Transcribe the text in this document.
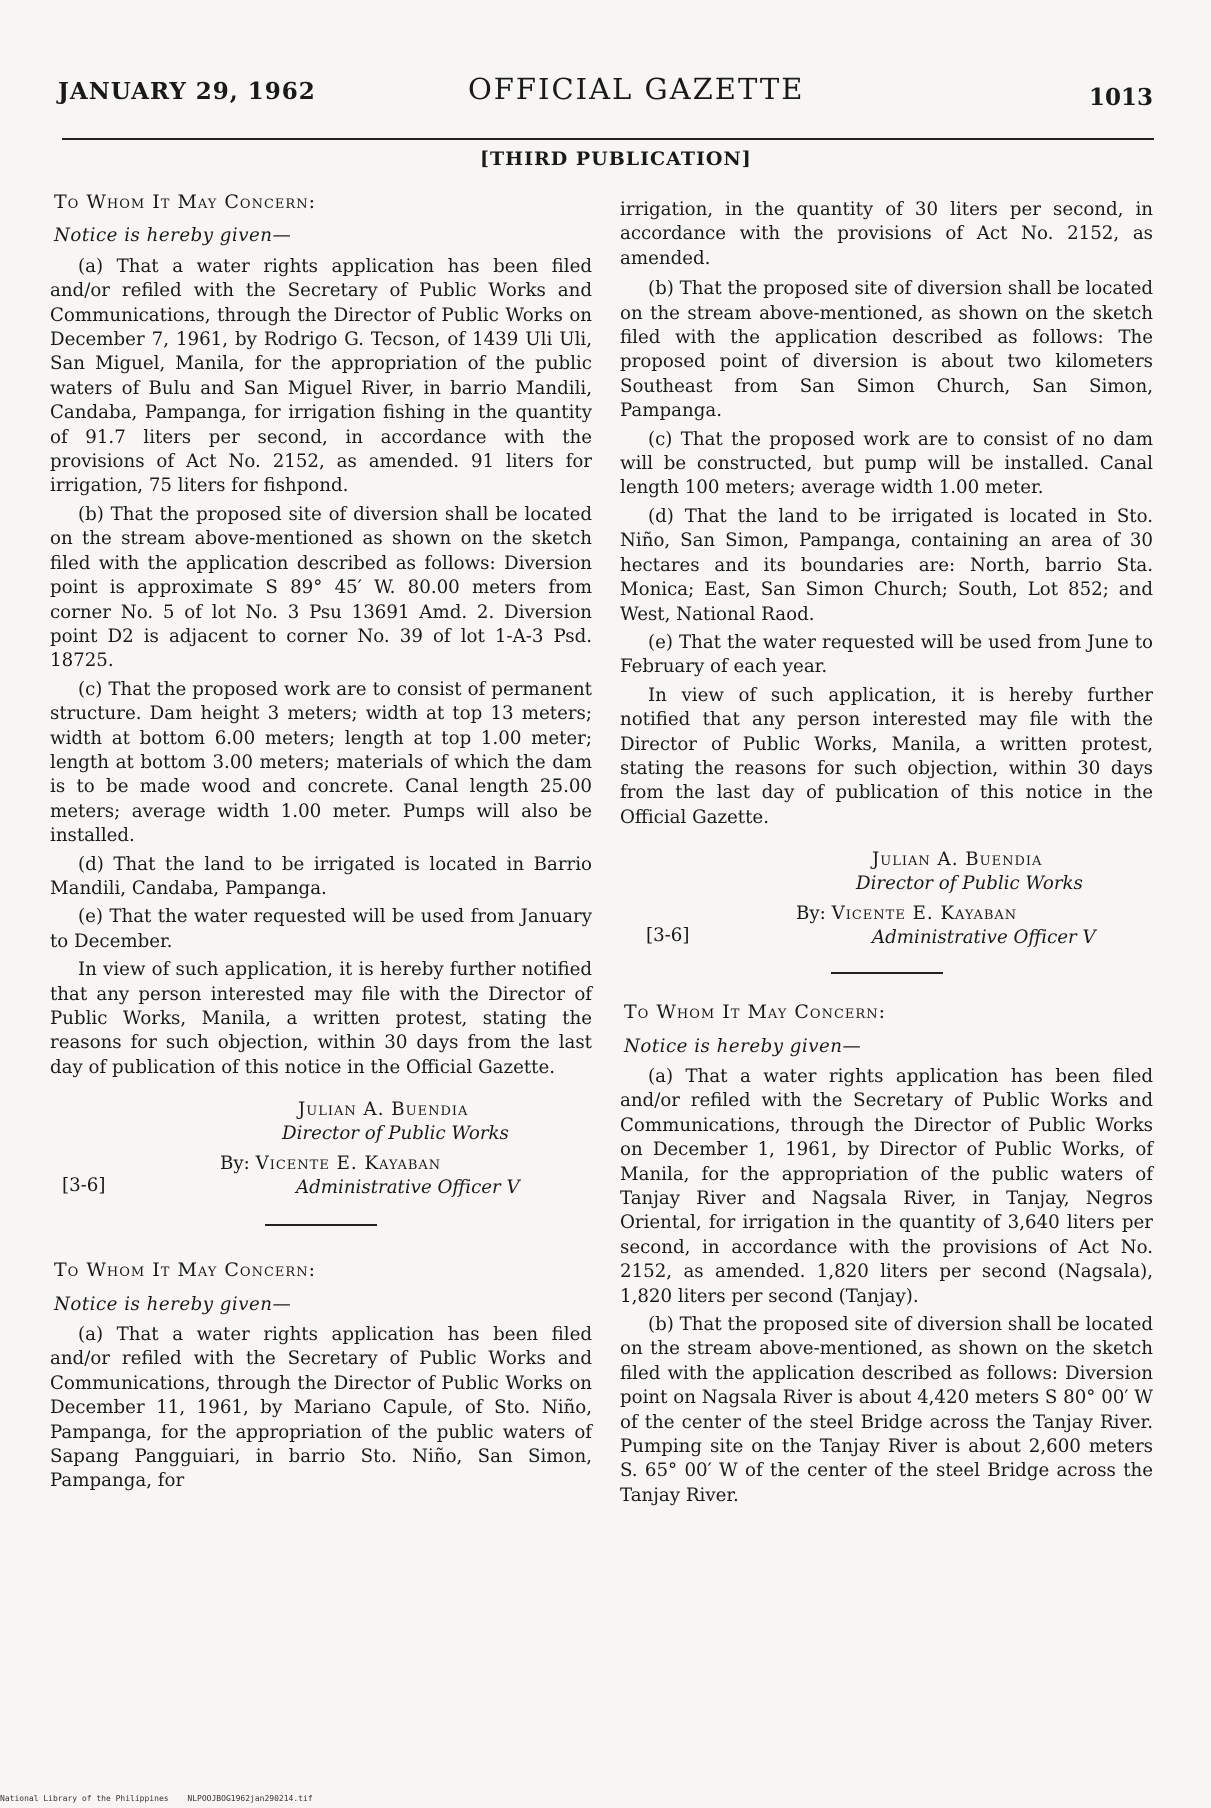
JANUARY 29, 1962	OFFICIAL GAZETTE	1013
[THIRD PUBLICATION]

To Whom It May Concern:

Notice is hereby given—

(a) That a water rights application has been filed and/or refiled with the Secretary of Public Works and Communications, through the Director of Public Works on December 7, 1961, by Rodrigo G. Tecson, of 1439 Uli Uli, San Miguel, Manila, for the appropriation of the public waters of Bulu and San Miguel River, in barrio Mandili, Candaba, Pampanga, for irrigation fishing in the quantity of 91.7 liters per second, in accordance with the provisions of Act No. 2152, as amended. 91 liters for irrigation, 75 liters for fishpond.

(b) That the proposed site of diversion shall be located on the stream above-mentioned as shown on the sketch filed with the application described as follows: Diversion point is approximate S 89° 45′ W. 80.00 meters from corner No. 5 of lot No. 3 Psu 13691 Amd. 2. Diversion point D2 is adjacent to corner No. 39 of lot 1-A-3 Psd. 18725.

(c) That the proposed work are to consist of permanent structure. Dam height 3 meters; width at top 13 meters; width at bottom 6.00 meters; length at top 1.00 meter; length at bottom 3.00 meters; materials of which the dam is to be made wood and concrete. Canal length 25.00 meters; average width 1.00 meter. Pumps will also be installed.

(d) That the land to be irrigated is located in Barrio Mandili, Candaba, Pampanga.

(e) That the water requested will be used from January to December.

In view of such application, it is hereby further notified that any person interested may file with the Director of Public Works, Manila, a written protest, stating the reasons for such objection, within 30 days from the last day of publication of this notice in the Official Gazette.

Julian A. Buendia
Director of Public Works
By: Vicente E. Kayaban
[3-6]	Administrative Officer V

To Whom It May Concern:

Notice is hereby given—

(a) That a water rights application has been filed and/or refiled with the Secretary of Public Works and Communications, through the Director of Public Works on December 11, 1961, by Mariano Capule, of Sto. Niño, Pampanga, for the appropriation of the public waters of Sapang Pangguiari, in barrio Sto. Niño, San Simon, Pampanga, for

irrigation, in the quantity of 30 liters per second, in accordance with the provisions of Act No. 2152, as amended.

(b) That the proposed site of diversion shall be located on the stream above-mentioned, as shown on the sketch filed with the application described as follows: The proposed point of diversion is about two kilometers Southeast from San Simon Church, San Simon, Pampanga.

(c) That the proposed work are to consist of no dam will be constructed, but pump will be installed. Canal length 100 meters; average width 1.00 meter.

(d) That the land to be irrigated is located in Sto. Niño, San Simon, Pampanga, containing an area of 30 hectares and its boundaries are: North, barrio Sta. Monica; East, San Simon Church; South, Lot 852; and West, National Raod.

(e) That the water requested will be used from June to February of each year.

In view of such application, it is hereby further notified that any person interested may file with the Director of Public Works, Manila, a written protest, stating the reasons for such objection, within 30 days from the last day of publication of this notice in the Official Gazette.

Julian A. Buendia
Director of Public Works
By: Vicente E. Kayaban
[3-6]	Administrative Officer V

To Whom It May Concern:

Notice is hereby given—

(a) That a water rights application has been filed and/or refiled with the Secretary of Public Works and Communications, through the Director of Public Works on December 1, 1961, by Director of Public Works, of Manila, for the appropriation of the public waters of Tanjay River and Nagsala River, in Tanjay, Negros Oriental, for irrigation in the quantity of 3,640 liters per second, in accordance with the provisions of Act No. 2152, as amended. 1,820 liters per second (Nagsala), 1,820 liters per second (Tanjay).

(b) That the proposed site of diversion shall be located on the stream above-mentioned, as shown on the sketch filed with the application described as follows: Diversion point on Nagsala River is about 4,420 meters S 80° 00′ W of the center of the steel Bridge across the Tanjay River. Pumping site on the Tanjay River is about 2,600 meters S. 65° 00′ W of the center of the steel Bridge across the Tanjay River.

National Library of the Philippines NLPOOJBOG1962jan290214.tif
